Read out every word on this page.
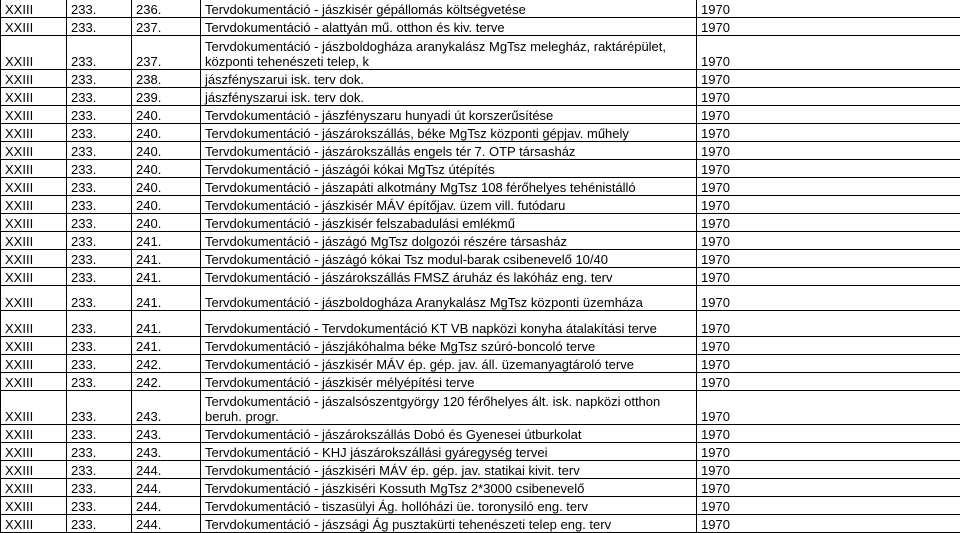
XXIII	233.	236.	Tervdokumentáció - jászkisér gépállomás költségvetése	1970
XXIII	233.	237.	Tervdokumentáció - alattyán mű. otthon és kiv. terve	1970
XXIII	233.	237.	Tervdokumentáció - jászboldogháza aranykalász MgTsz melegház, raktárépület, központi tehenészeti telep, k	1970
XXIII	233.	238.	jászfényszarui isk. terv dok.	1970
XXIII	233.	239.	jászfényszarui isk. terv dok.	1970
XXIII	233.	240.	Tervdokumentáció - jászfényszaru hunyadi út korszerűsítése	1970
XXIII	233.	240.	Tervdokumentáció - jászárokszállás, béke MgTsz központi gépjav. műhely	1970
XXIII	233.	240.	Tervdokumentáció - jászárokszállás engels tér 7. OTP társasház	1970
XXIII	233.	240.	Tervdokumentáció - jászágói kókai MgTsz útépítés	1970
XXIII	233.	240.	Tervdokumentáció - jászapáti alkotmány MgTsz 108 férőhelyes tehénistálló	1970
XXIII	233.	240.	Tervdokumentáció - jászkisér MÁV építőjav. üzem vill. futódaru	1970
XXIII	233.	240.	Tervdokumentáció - jászkisér felszabadulási emlékmű	1970
XXIII	233.	241.	Tervdokumentáció - jászágó MgTsz dolgozói részére társasház	1970
XXIII	233.	241.	Tervdokumentáció - jászágó kókai Tsz modul-barak csibenevelő 10/40	1970
XXIII	233.	241.	Tervdokumentáció - jászárokszállás FMSZ áruház és lakóház eng. terv	1970
XXIII	233.	241.	Tervdokumentáció - jászboldogháza Aranykalász MgTsz központi üzemháza	1970
XXIII	233.	241.	Tervdokumentáció - Tervdokumentáció KT VB napközi konyha átalakítási terve	1970
XXIII	233.	241.	Tervdokumentáció - jászjákóhalma béke MgTsz szúró-boncoló terve	1970
XXIII	233.	242.	Tervdokumentáció - jászkisér MÁV ép. gép. jav. áll. üzemanyagtároló terve	1970
XXIII	233.	242.	Tervdokumentáció - jászkisér mélyépítési terve	1970
XXIII	233.	243.	Tervdokumentáció - jászalsószentgyörgy 120 férőhelyes ált. isk. napközi otthon beruh. progr.	1970
XXIII	233.	243.	Tervdokumentáció - jászárokszállás Dobó és Gyenesei útburkolat	1970
XXIII	233.	243.	Tervdokumentáció - KHJ jászárokszállási gyáregység tervei	1970
XXIII	233.	244.	Tervdokumentáció - jászkiséri MÁV ép. gép. jav. statikai kivit. terv	1970
XXIII	233.	244.	Tervdokumentáció - jászkiséri Kossuth MgTsz 2*3000 csibenevelő	1970
XXIII	233.	244.	Tervdokumentáció - tiszasülyi Ág. hollóházi üe. toronysiló eng. terv	1970
XXIII	233.	244.	Tervdokumentáció - jászsági Ág pusztakürti tehenészeti telep eng. terv	1970
